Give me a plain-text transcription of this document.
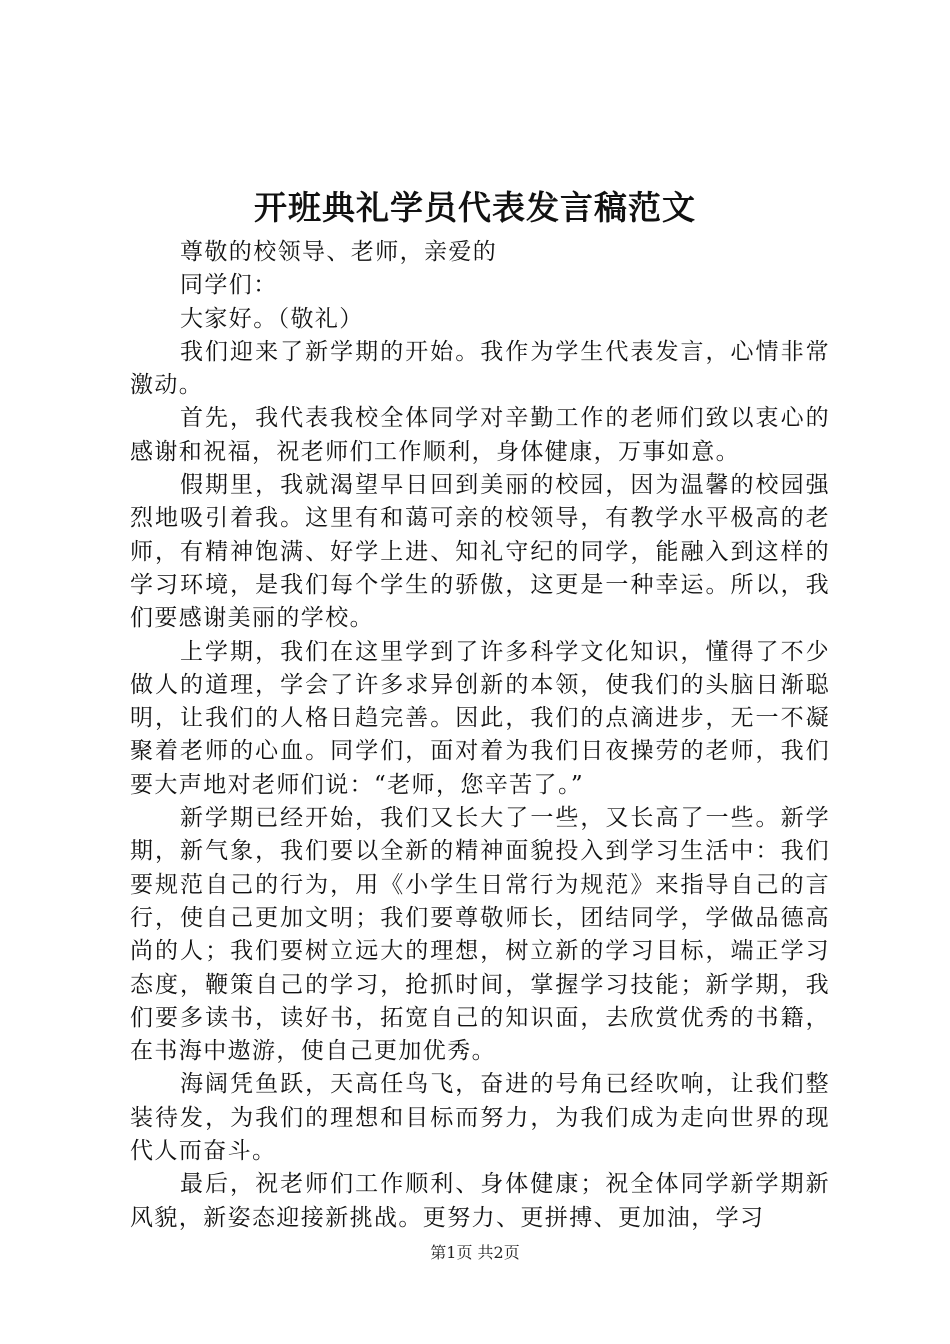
开班典礼学员代表发言稿范文

尊敬的校领导、老师，亲爱的

同学们：

大家好。（敬礼）

我们迎来了新学期的开始。我作为学生代表发言，心情非常激动。

首先，我代表我校全体同学对辛勤工作的老师们致以衷心的感谢和祝福，祝老师们工作顺利，身体健康，万事如意。

假期里，我就渴望早日回到美丽的校园，因为温馨的校园强烈地吸引着我。这里有和蔼可亲的校领导，有教学水平极高的老师，有精神饱满、好学上进、知礼守纪的同学，能融入到这样的学习环境，是我们每个学生的骄傲，这更是一种幸运。所以，我们要感谢美丽的学校。

上学期，我们在这里学到了许多科学文化知识，懂得了不少做人的道理，学会了许多求异创新的本领，使我们的头脑日渐聪明，让我们的人格日趋完善。因此，我们的点滴进步，无一不凝聚着老师的心血。同学们，面对着为我们日夜操劳的老师，我们要大声地对老师们说：“老师，您辛苦了。”

新学期已经开始，我们又长大了一些，又长高了一些。新学期，新气象，我们要以全新的精神面貌投入到学习生活中：我们要规范自己的行为，用《小学生日常行为规范》来指导自己的言行，使自己更加文明；我们要尊敬师长，团结同学，学做品德高尚的人；我们要树立远大的理想，树立新的学习目标，端正学习态度，鞭策自己的学习，抢抓时间，掌握学习技能；新学期，我们要多读书，读好书，拓宽自己的知识面，去欣赏优秀的书籍，在书海中遨游，使自己更加优秀。

海阔凭鱼跃，天高任鸟飞，奋进的号角已经吹响，让我们整装待发，为我们的理想和目标而努力，为我们成为走向世界的现代人而奋斗。

最后，祝老师们工作顺利、身体健康；祝全体同学新学期新风貌，新姿态迎接新挑战。更努力、更拼搏、更加油，学习

第1页 共2页
